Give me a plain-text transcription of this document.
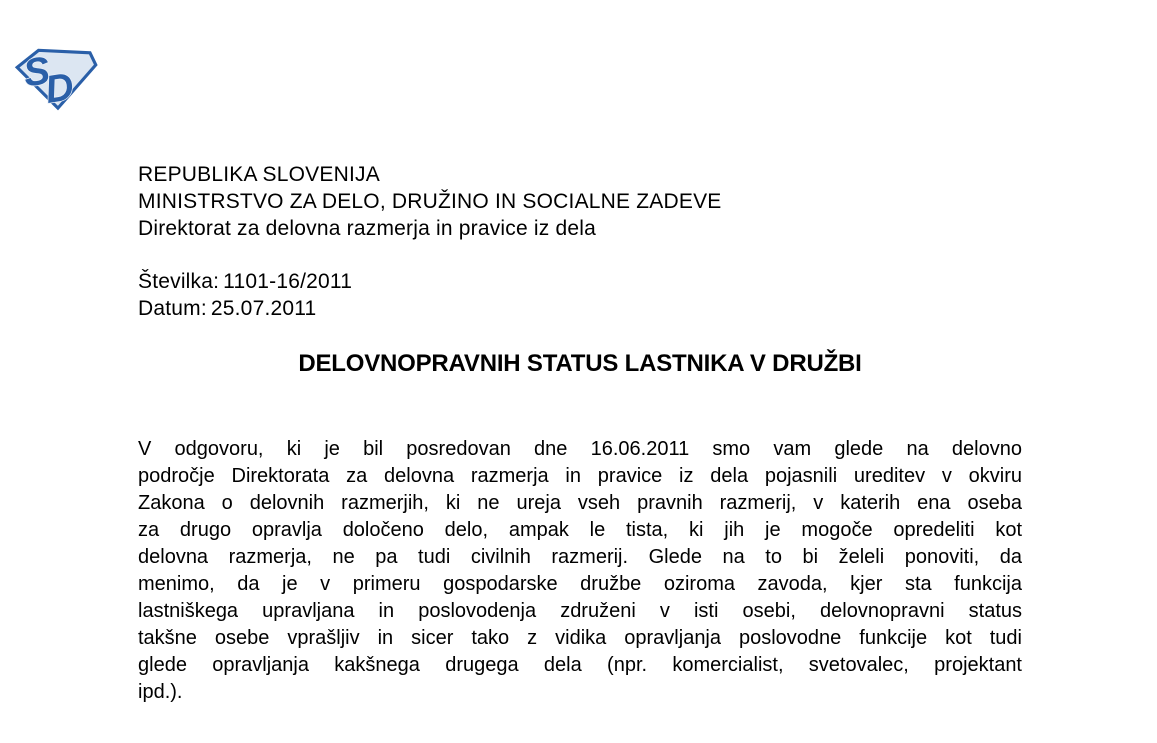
S
D
REPUBLIKA SLOVENIJA
MINISTRSTVO ZA DELO, DRUŽINO IN SOCIALNE ZADEVE
Direktorat za delovna razmerja in pravice iz dela
Številka: 1101-16/2011
Datum: 25.07.2011
DELOVNOPRAVNIH STATUS LASTNIKA V DRUŽBI
V odgovoru, ki je bil posredovan dne 16.06.2011 smo vam glede na delovno
področje Direktorata za delovna razmerja in pravice iz dela pojasnili ureditev v okviru
Zakona o delovnih razmerjih, ki ne ureja vseh pravnih razmerij, v katerih ena oseba
za drugo opravlja določeno delo, ampak le tista, ki jih je mogoče opredeliti kot
delovna razmerja, ne pa tudi civilnih razmerij. Glede na to bi želeli ponoviti, da
menimo, da je v primeru gospodarske družbe oziroma zavoda, kjer sta funkcija
lastniškega upravljana in poslovodenja združeni v isti osebi, delovnopravni status
takšne osebe vprašljiv in sicer tako z vidika opravljanja poslovodne funkcije kot tudi
glede opravljanja kakšnega drugega dela (npr. komercialist, svetovalec, projektant
ipd.).
